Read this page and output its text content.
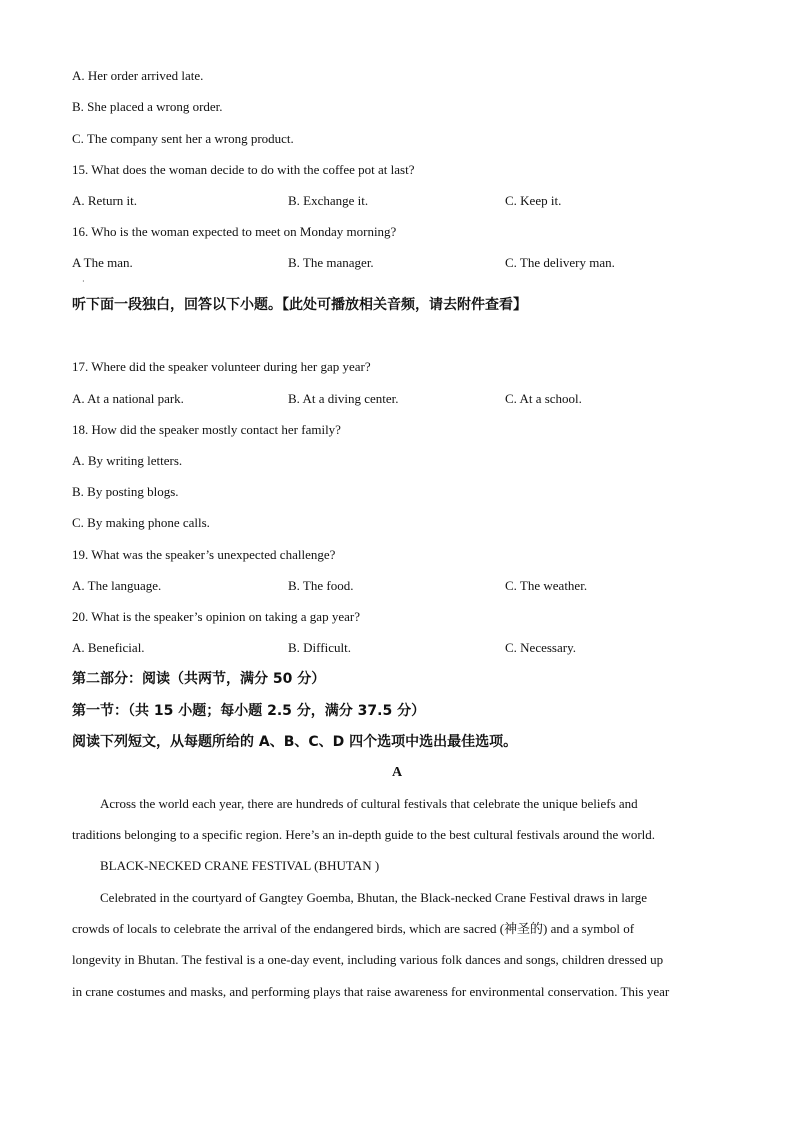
A. Her order arrived late.
B. She placed a wrong order.
C. The company sent her a wrong product.
15. What does the woman decide to do with the coffee pot at last?
A. Return it.	B. Exchange it.	C. Keep it.
16. Who is the woman expected to meet on Monday morning?
A The man.	B. The manager.	C. The delivery man.
·
听下面一段独白，回答以下小题。【此处可播放相关音频，请去附件查看】
17. Where did the speaker volunteer during her gap year?
A. At a national park.	B. At a diving center.	C. At a school.
18. How did the speaker mostly contact her family?
A. By writing letters.
B. By posting blogs.
C. By making phone calls.
19. What was the speaker’s unexpected challenge?
A. The language.	B. The food.	C. The weather.
20. What is the speaker’s opinion on taking a gap year?
A. Beneficial.	B. Difficult.	C. Necessary.
第二部分：阅读（共两节，满分 50 分）
第一节：（共 15 小题；每小题 2.5 分，满分 37.5 分）
阅读下列短文，从每题所给的 A、B、C、D 四个选项中选出最佳选项。
A
Across the world each year, there are hundreds of cultural festivals that celebrate the unique beliefs and
traditions belonging to a specific region. Here’s an in-depth guide to the best cultural festivals around the world.
BLACK-NECKED CRANE FESTIVAL (BHUTAN )
Celebrated in the courtyard of Gangtey Goemba, Bhutan, the Black-necked Crane Festival draws in large
crowds of locals to celebrate the arrival of the endangered birds, which are sacred (神圣的) and a symbol of
longevity in Bhutan. The festival is a one-day event, including various folk dances and songs, children dressed up
in crane costumes and masks, and performing plays that raise awareness for environmental conservation. This year
